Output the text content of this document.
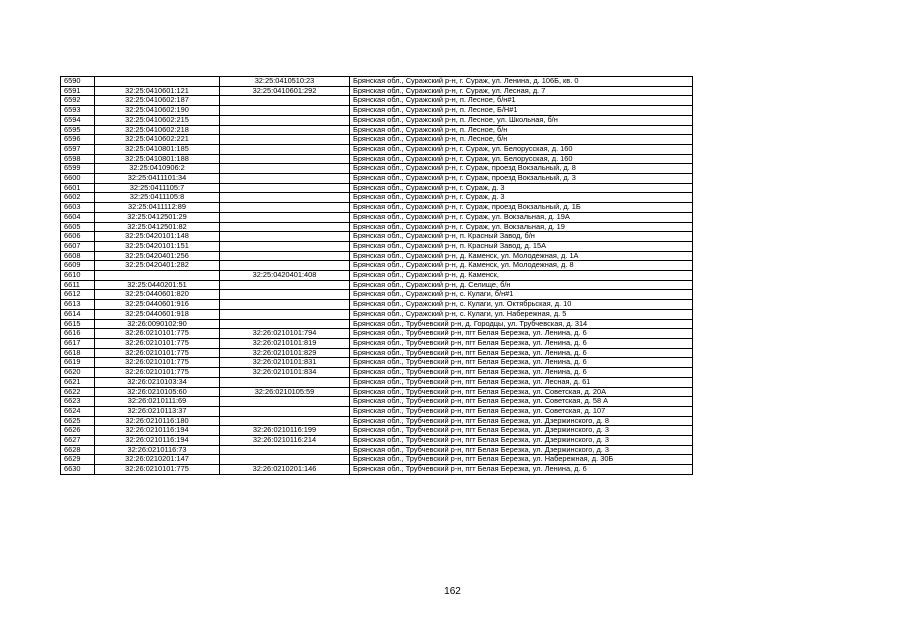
6590		32:25:0410510:23	Брянская обл., Суражский р-н, г. Сураж, ул. Ленина, д. 106Б, кв. 0
6591	32:25:0410601:121	32:25:0410601:292	Брянская обл., Суражский р-н, г. Сураж, ул. Лесная, д. 7
6592	32:25:0410602:187		Брянская обл., Суражский р-н, п. Лесное, б/н#1
6593	32:25:0410602:190		Брянская обл., Суражский р-н, п. Лесное, Б/Н#1
6594	32:25:0410602:215		Брянская обл., Суражский р-н, п. Лесное, ул. Школьная, б/н
6595	32:25:0410602:218		Брянская обл., Суражский р-н, п. Лесное, б/н
6596	32:25:0410602:221		Брянская обл., Суражский р-н, п. Лесное, б/н
6597	32:25:0410801:185		Брянская обл., Суражский р-н, г. Сураж, ул. Белорусская, д. 160
6598	32:25:0410801:188		Брянская обл., Суражский р-н, г. Сураж, ул. Белорусская, д. 160
6599	32:25:0410906:2		Брянская обл., Суражский р-н, г. Сураж, проезд Вокзальный, д. 8
6600	32:25:0411101:34		Брянская обл., Суражский р-н, г. Сураж, проезд Вокзальный, д. 3
6601	32:25:0411105:7		Брянская обл., Суражский р-н, г. Сураж, д. 3
6602	32:25:0411105:8		Брянская обл., Суражский р-н, г. Сураж, д. 3
6603	32:25:0411112:89		Брянская обл., Суражский р-н, г. Сураж, проезд Вокзальный, д. 1Б
6604	32:25:0412501:29		Брянская обл., Суражский р-н, г. Сураж, ул. Вокзальная, д. 19А
6605	32:25:0412501:82		Брянская обл., Суражский р-н, г. Сураж, ул. Вокзальная, д. 19
6606	32:25:0420101:148		Брянская обл., Суражский р-н, п. Красный Завод, б/н
6607	32:25:0420101:151		Брянская обл., Суражский р-н, п. Красный Завод, д. 15А
6608	32:25:0420401:256		Брянская обл., Суражский р-н, д. Каменск, ул. Молодежная, д. 1А
6609	32:25:0420401:282		Брянская обл., Суражский р-н, д. Каменск, ул. Молодежная, д. 8
6610		32:25:0420401:408	Брянская обл., Суражский р-н, д. Каменск,
6611	32:25:0440201:51		Брянская обл., Суражский р-н, д. Селище, б/н
6612	32:25:0440601:820		Брянская обл., Суражский р-н, с. Кулаги, б/н#1
6613	32:25:0440601:916		Брянская обл., Суражский р-н, с. Кулаги, ул. Октябрьская, д. 10
6614	32:25:0440601:918		Брянская обл., Суражский р-н, с. Кулаги, ул. Набережная, д. 5
6615	32:26:0090102:90		Брянская обл., Трубчевский р-н, д. Городцы, ул. Трубчевская, д. 314
6616	32:26:0210101:775	32:26:0210101:794	Брянская обл., Трубчевский р-н, пгт Белая Березка, ул. Ленина, д. 6
6617	32:26:0210101:775	32:26:0210101:819	Брянская обл., Трубчевский р-н, пгт Белая Березка, ул. Ленина, д. 6
6618	32:26:0210101:775	32:26:0210101:829	Брянская обл., Трубчевский р-н, пгт Белая Березка, ул. Ленина, д. 6
6619	32:26:0210101:775	32:26:0210101:831	Брянская обл., Трубчевский р-н, пгт Белая Березка, ул. Ленина, д. 6
6620	32:26:0210101:775	32:26:0210101:834	Брянская обл., Трубчевский р-н, пгт Белая Березка, ул. Ленина, д. 6
6621	32:26:0210103:34		Брянская обл., Трубчевский р-н, пгт Белая Березка, ул. Лесная, д. 61
6622	32:26:0210105:60	32:26:0210105:59	Брянская обл., Трубчевский р-н, пгт Белая Березка, ул. Советская, д. 20А
6623	32:26:0210111:69		Брянская обл., Трубчевский р-н, пгт Белая Березка, ул. Советская, д. 58 А
6624	32:26:0210113:37		Брянская обл., Трубчевский р-н, пгт Белая Березка, ул. Советская, д. 107
6625	32:26:0210116:180		Брянская обл., Трубчевский р-н, пгт Белая Березка, ул. Дзержинского, д. 8
6626	32:26:0210116:194	32:26:0210116:199	Брянская обл., Трубчевский р-н, пгт Белая Березка, ул. Дзержинского, д. 3
6627	32:26:0210116:194	32:26:0210116:214	Брянская обл., Трубчевский р-н, пгт Белая Березка, ул. Дзержинского, д. 3
6628	32:26:0210116:73		Брянская обл., Трубчевский р-н, пгт Белая Березка, ул. Дзержинского, д. 3
6629	32:26:0210201:147		Брянская обл., Трубчевский р-н, пгт Белая Березка, ул. Набережная, д. 30Б
6630	32:26:0210101:775	32:26:0210201:146	Брянская обл., Трубчевский р-н, пгт Белая Березка, ул. Ленина, д. 6
162
